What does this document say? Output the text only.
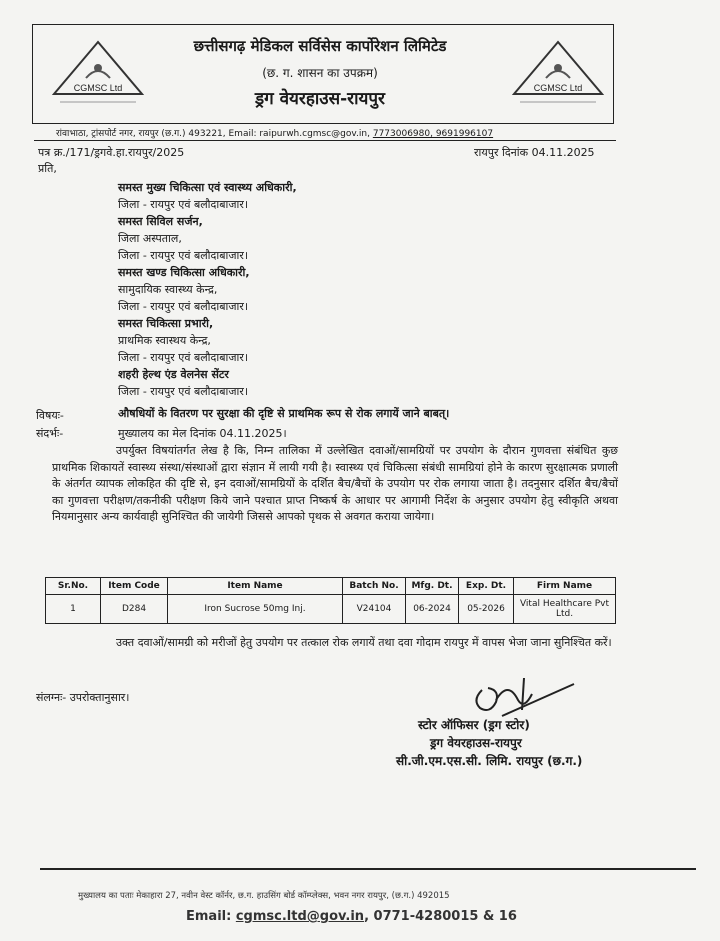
CGMSC Ltd	CGMSC Ltd
छत्तीसगढ़ मेडिकल सर्विसेस कार्पोरेशन लिमिटेड
(छ. ग. शासन का उपक्रम)
ड्रग वेयरहाउस-रायपुर
रांवाभाठा, ट्रांसपोर्ट नगर, रायपुर (छ.ग.) 493221, Email: raipurwh.cgmsc@gov.in, 7773006980, 9691996107
पत्र क्र./171/ड्रगवे.हा.रायपुर/2025	रायपुर दिनांक 04.11.2025
प्रति,
समस्त मुख्य चिकित्सा एवं स्वास्थ्य अधिकारी,
जिला - रायपुर एवं बलौदाबाजार।
समस्त सिविल सर्जन,
जिला अस्पताल,
जिला - रायपुर एवं बलौदाबाजार।
समस्त खण्ड चिकित्सा अधिकारी,
सामुदायिक स्वास्थ्य केन्द्र,
जिला - रायपुर एवं बलौदाबाजार।
समस्त चिकित्सा प्रभारी,
प्राथमिक स्वास्थय केन्द्र,
जिला - रायपुर एवं बलौदाबाजार।
शहरी हेल्थ एंड वेलनेस सेंटर
जिला - रायपुर एवं बलौदाबाजार।
विषयः-	औषधियों के वितरण पर सुरक्षा की दृष्टि से प्राथमिक रूप से रोक लगायें जाने बाबत्।
संदर्भः-	मुख्यालय का मेल दिनांक 04.11.2025।

उपर्युक्त विषयांतर्गत लेख है कि, निम्न तालिका में उल्लेखित दवाओं/सामग्रियों पर उपयोग के दौरान गुणवत्ता संबंधित कुछ प्राथमिक शिकायतें स्वास्थ्य संस्था/संस्थाओं द्वारा संज्ञान में लायी गयी है। स्वास्थ्य एवं चिकित्सा संबंधी सामग्रियां होने के कारण सुरक्षात्मक प्रणाली के अंतर्गत व्यापक लोकहित की दृष्टि से, इन दवाओं/सामग्रियों के दर्शित बैच/बैचों के उपयोग पर रोक लगाया जाता है। तदनुसार दर्शित बैच/बैचों का गुणवत्ता परीक्षण/तकनीकी परीक्षण किये जाने पश्चात प्राप्त निष्कर्ष के आधार पर आगामी निर्देश के अनुसार उपयोग हेतु स्वीकृति अथवा नियमानुसार अन्य कार्यवाही सुनिश्चित की जायेगी जिससे आपको पृथक से अवगत कराया जायेगा।

Sr.No.	Item Code	Item Name	Batch No.	Mfg. Dt.	Exp. Dt.	Firm Name
1	D284	Iron Sucrose 50mg Inj.	V24104	06-2024	05-2026	Vital Healthcare Pvt Ltd.
उक्त दवाओं/सामग्री को मरीजों हेतु उपयोग पर तत्काल रोक लगायें तथा दवा गोदाम रायपुर में वापस भेजा जाना सुनिश्चित करें।
संलग्नः- उपरोक्तानुसार।
स्टोर ऑफिसर (ड्रग स्टोर)
ड्रग वेयरहाउस-रायपुर
सी.जी.एम.एस.सी. लिमि. रायपुर (छ.ग.)
मुख्यालय का पताः मेकाहारा 27, नवीन वेस्ट कॉर्नर, छ.ग. हाउसिंग बोर्ड कॉम्प्लेक्स, भवन नगर रायपुर, (छ.ग.) 492015
Email: cgmsc.ltd@gov.in, 0771-4280015 & 16
